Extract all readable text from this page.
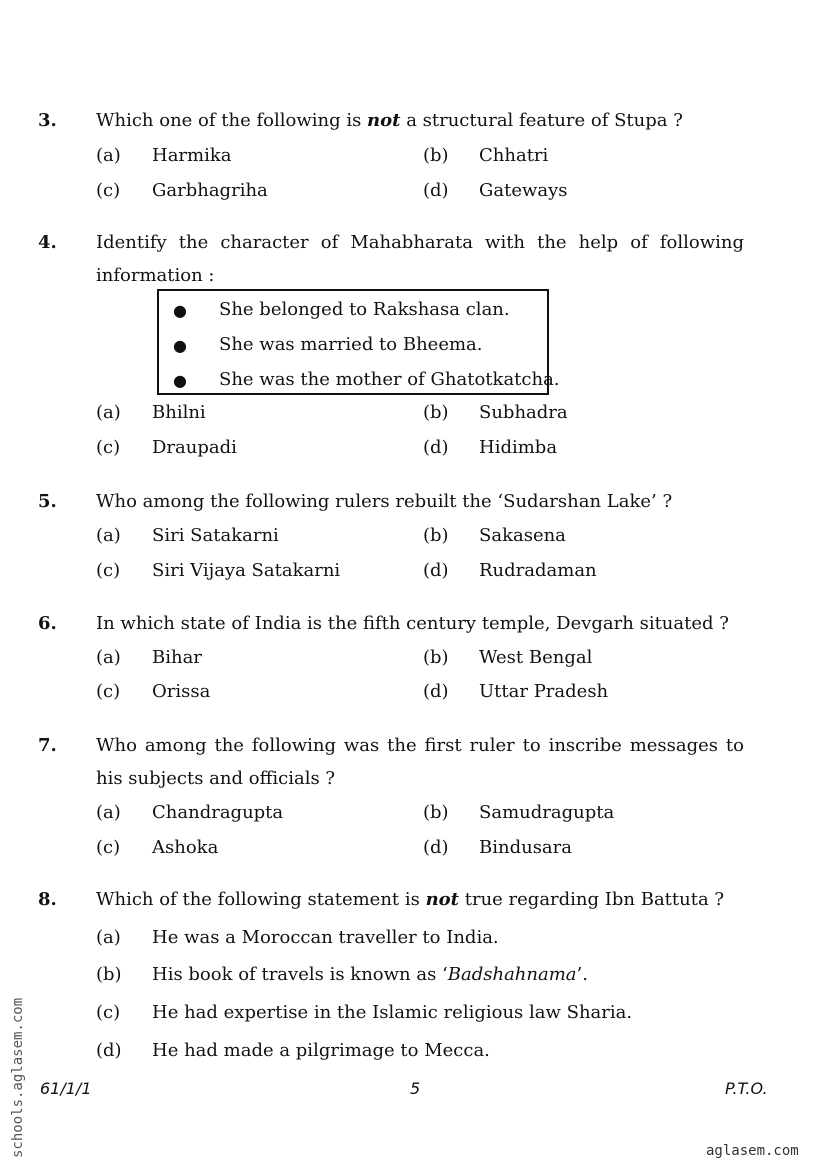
3. Which one of the following is not a structural feature of Stupa ?
(a) Harmika	(b) Chhatri
(c) Garbhagriha	(d) Gateways
4. Identify the character of Mahabharata with the help of following information :
● She belonged to Rakshasa clan.
● She was married to Bheema.
● She was the mother of Ghatotkatcha.
(a) Bhilni	(b) Subhadra
(c) Draupadi	(d) Hidimba
5. Who among the following rulers rebuilt the ‘Sudarshan Lake’ ?
(a) Siri Satakarni	(b) Sakasena
(c) Siri Vijaya Satakarni	(d) Rudradaman
6. In which state of India is the fifth century temple, Devgarh situated ?
(a) Bihar	(b) West Bengal
(c) Orissa	(d) Uttar Pradesh
7. Who among the following was the first ruler to inscribe messages to his subjects and officials ?
(a) Chandragupta	(b) Samudragupta
(c) Ashoka	(d) Bindusara
8. Which of the following statement is not true regarding Ibn Battuta ?
(a) He was a Moroccan traveller to India.
(b) His book of travels is known as ‘Badshahnama’.
(c) He had expertise in the Islamic religious law Sharia.
(d) He had made a pilgrimage to Mecca.
61/1/1	5	P.T.O.
schools.aglasem.com	aglasem.com
